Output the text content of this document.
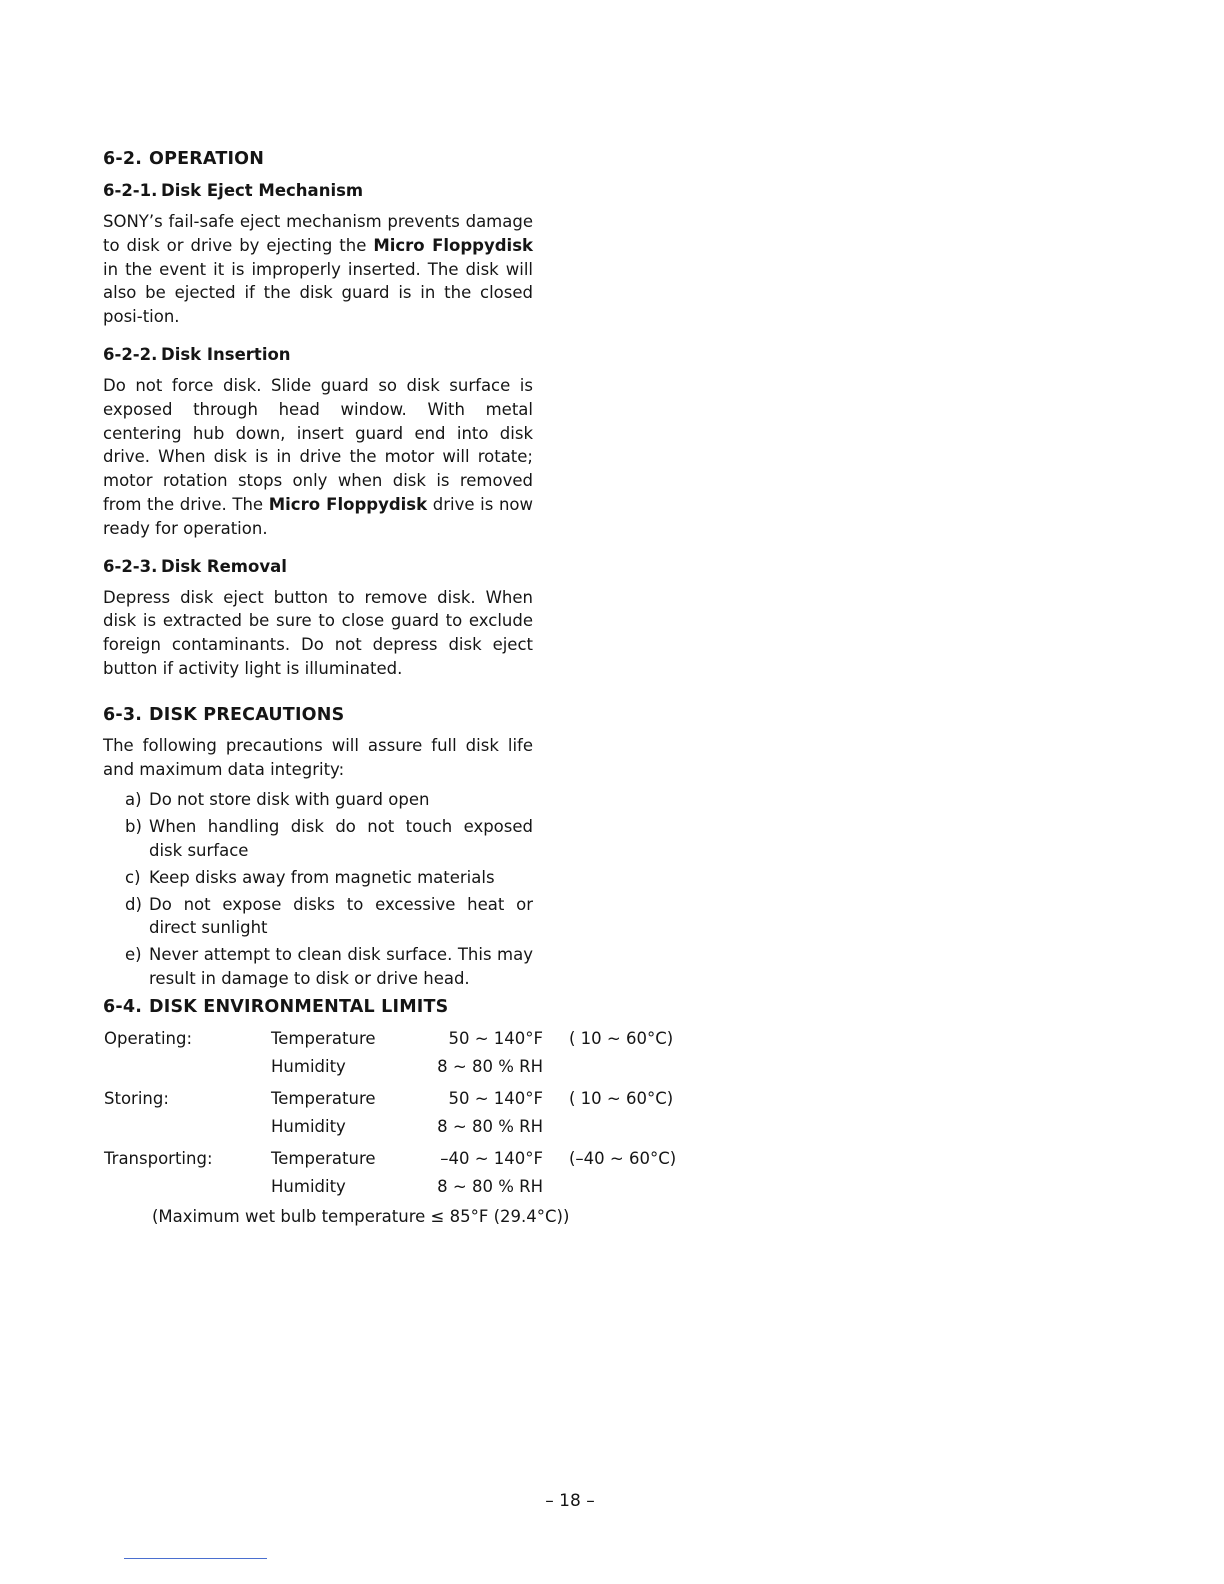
6-2. OPERATION
6-2-1. Disk Eject Mechanism

SONY’s fail-safe eject mechanism prevents damage to disk or drive by ejecting the Micro Floppydisk in the event it is improperly inserted. The disk will also be ejected if the disk guard is in the closed posi-tion.

6-2-2. Disk Insertion

Do not force disk. Slide guard so disk surface is exposed through head window. With metal centering hub down, insert guard end into disk drive. When disk is in drive the motor will rotate; motor rotation stops only when disk is removed from the drive. The Micro Floppydisk drive is now ready for operation.

6-2-3. Disk Removal

Depress disk eject button to remove disk. When disk is extracted be sure to close guard to exclude foreign contaminants. Do not depress disk eject button if activity light is illuminated.

6-3. DISK PRECAUTIONS

The following precautions will assure full disk life and maximum data integrity:

a) Do not store disk with guard open
b) When handling disk do not touch exposed disk surface
c) Keep disks away from magnetic materials
d) Do not expose disks to excessive heat or direct sunlight
e) Never attempt to clean disk surface. This may result in damage to disk or drive head.
6-4. DISK ENVIRONMENTAL LIMITS
Operating:	Temperature	50 ~ 140°F ( 10 ~ 60°C)
Humidity	8 ~ 80 % RH
Storing:	Temperature	50 ~ 140°F ( 10 ~ 60°C)
Humidity	8 ~ 80 % RH
Transporting:	Temperature	–40 ~ 140°F (–40 ~ 60°C)
Humidity	8 ~ 80 % RH
(Maximum wet bulb temperature ≤ 85°F (29.4°C))
– 18 –
